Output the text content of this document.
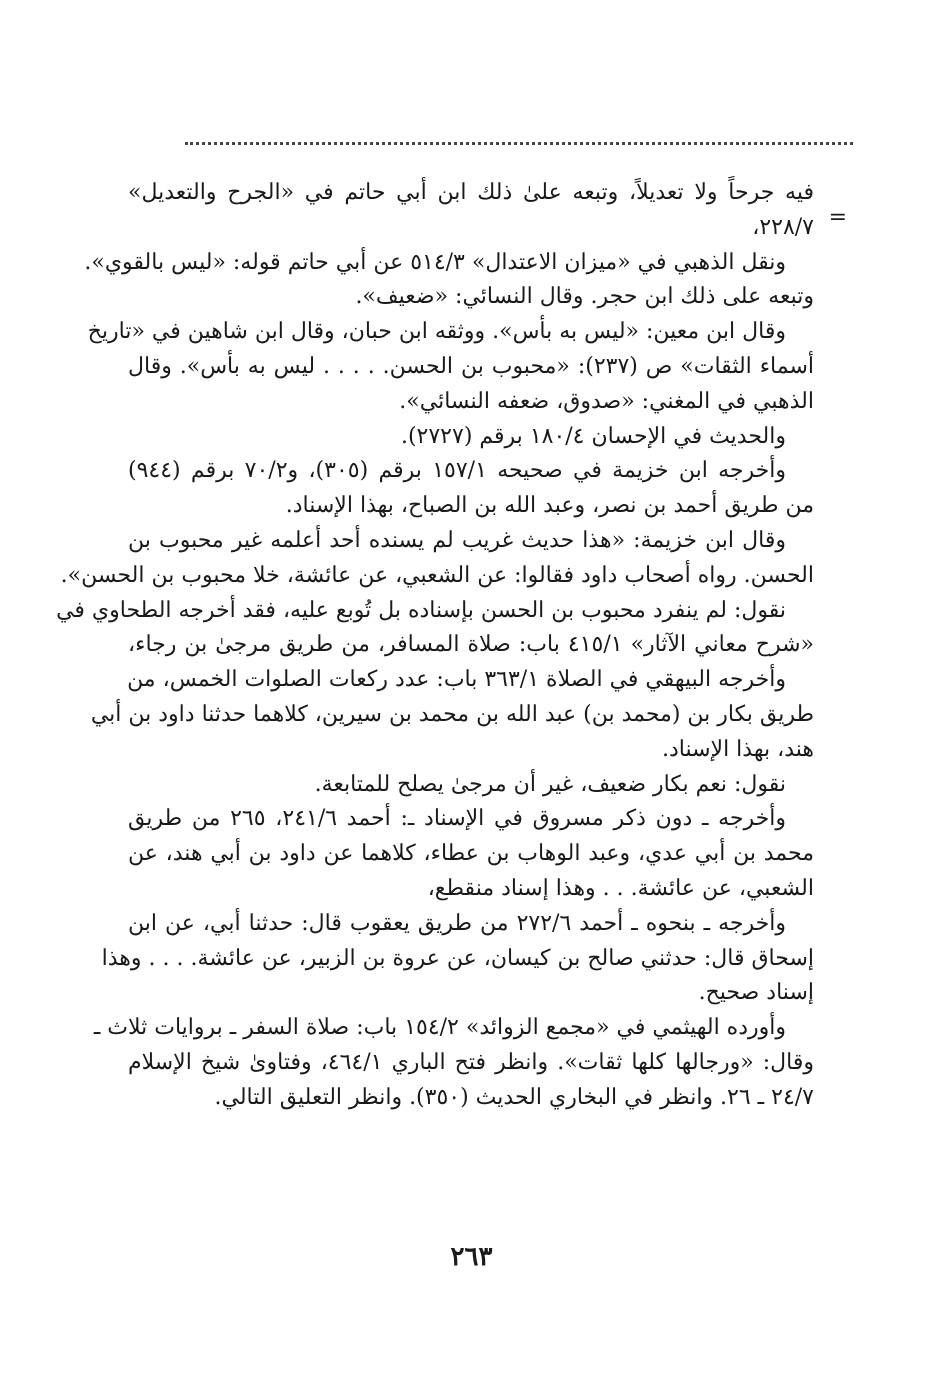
=
فيه جرحاً ولا تعديلاً، وتبعه علىٰ ذلك ابن أبي حاتم في «الجرح والتعديل»
٢٢٨/٧،
ونقل الذهبي في «ميزان الاعتدال» ٥١٤/٣ عن أبي حاتم قوله: «ليس بالقوي».
وتبعه على ذلك ابن حجر. وقال النسائي: «ضعيف».
وقال ابن معين: «ليس به بأس». ووثقه ابن حبان، وقال ابن شاهين في «تاريخ
أسماء الثقات» ص (٢٣٧): «محبوب بن الحسن. . . . . ليس به بأس». وقال
الذهبي في المغني: «صدوق، ضعفه النسائي».
والحديث في الإحسان ١٨٠/٤ برقم (٢٧٢٧).
وأخرجه ابن خزيمة في صحيحه ١٥٧/١ برقم (٣٠٥)، و٧٠/٢ برقم (٩٤٤)
من طريق أحمد بن نصر، وعبد الله بن الصباح، بهذا الإسناد.
وقال ابن خزيمة: «هذا حديث غريب لم يسنده أحد أعلمه غير محبوب بن
الحسن. رواه أصحاب داود فقالوا: عن الشعبي، عن عائشة، خلا محبوب بن الحسن».
نقول: لم ينفرد محبوب بن الحسن بإسناده بل تُوبع عليه، فقد أخرجه الطحاوي في
«شرح معاني الآثار» ٤١٥/١ باب: صلاة المسافر، من طريق مرجىٰ بن رجاء،
وأخرجه البيهقي في الصلاة ٣٦٣/١ باب: عدد ركعات الصلوات الخمس، من
طريق بكار بن (محمد بن) عبد الله بن محمد بن سيرين، كلاهما حدثنا داود بن أبي
هند، بهذا الإسناد.
نقول: نعم بكار ضعيف، غير أن مرجىٰ يصلح للمتابعة.
وأخرجه ـ دون ذكر مسروق في الإسناد ـ: أحمد ٢٤١/٦، ٢٦٥ من طريق
محمد بن أبي عدي، وعبد الوهاب بن عطاء، كلاهما عن داود بن أبي هند، عن
الشعبي، عن عائشة. . . وهذا إسناد منقطع،
وأخرجه ـ بنحوه ـ أحمد ٢٧٢/٦ من طريق يعقوب قال: حدثنا أبي، عن ابن
إسحاق قال: حدثني صالح بن كيسان، عن عروة بن الزبير، عن عائشة. . . . وهذا
إسناد صحيح.
وأورده الهيثمي في «مجمع الزوائد» ١٥٤/٢ باب: صلاة السفر ـ بروايات ثلاث ـ
وقال: «ورجالها كلها ثقات». وانظر فتح الباري ٤٦٤/١، وفتاوىٰ شيخ الإسلام
٢٤/٧ ـ ٢٦. وانظر في البخاري الحديث (٣٥٠). وانظر التعليق التالي.
٢٦٣
